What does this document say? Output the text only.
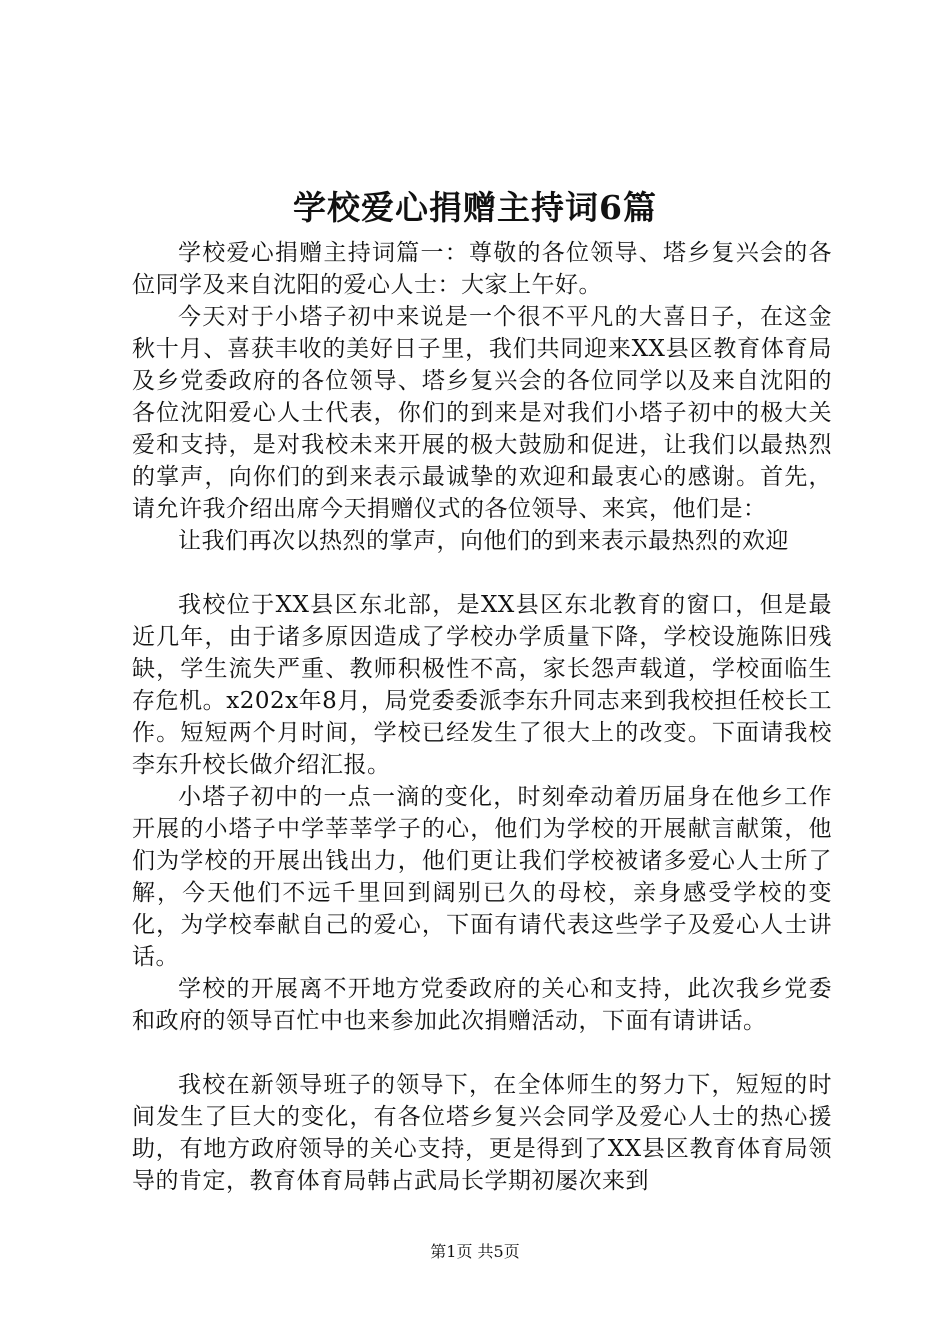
学校爱心捐赠主持词6篇

学校爱心捐赠主持词篇一：尊敬的各位领导、塔乡复兴会的各位同学及来自沈阳的爱心人士：大家上午好。

今天对于小塔子初中来说是一个很不平凡的大喜日子，在这金秋十月、喜获丰收的美好日子里，我们共同迎来XX县区教育体育局及乡党委政府的各位领导、塔乡复兴会的各位同学以及来自沈阳的各位沈阳爱心人士代表，你们的到来是对我们小塔子初中的极大关爱和支持，是对我校未来开展的极大鼓励和促进，让我们以最热烈的掌声，向你们的到来表示最诚挚的欢迎和最衷心的感谢。首先，请允许我介绍出席今天捐赠仪式的各位领导、来宾，他们是：

让我们再次以热烈的掌声，向他们的到来表示最热烈的欢迎

我校位于XX县区东北部，是XX县区东北教育的窗口，但是最近几年，由于诸多原因造成了学校办学质量下降，学校设施陈旧残缺，学生流失严重、教师积极性不高，家长怨声载道，学校面临生存危机。x202x年8月，局党委委派李东升同志来到我校担任校长工作。短短两个月时间，学校已经发生了很大上的改变。下面请我校李东升校长做介绍汇报。

小塔子初中的一点一滴的变化，时刻牵动着历届身在他乡工作开展的小塔子中学莘莘学子的心，他们为学校的开展献言献策，他们为学校的开展出钱出力，他们更让我们学校被诸多爱心人士所了解，今天他们不远千里回到阔别已久的母校，亲身感受学校的变化，为学校奉献自己的爱心，下面有请代表这些学子及爱心人士讲话。

学校的开展离不开地方党委政府的关心和支持，此次我乡党委和政府的领导百忙中也来参加此次捐赠活动，下面有请讲话。

我校在新领导班子的领导下，在全体师生的努力下，短短的时间发生了巨大的变化，有各位塔乡复兴会同学及爱心人士的热心援助，有地方政府领导的关心支持，更是得到了XX县区教育体育局领导的肯定，教育体育局韩占武局长学期初屡次来到

第1页 共5页
